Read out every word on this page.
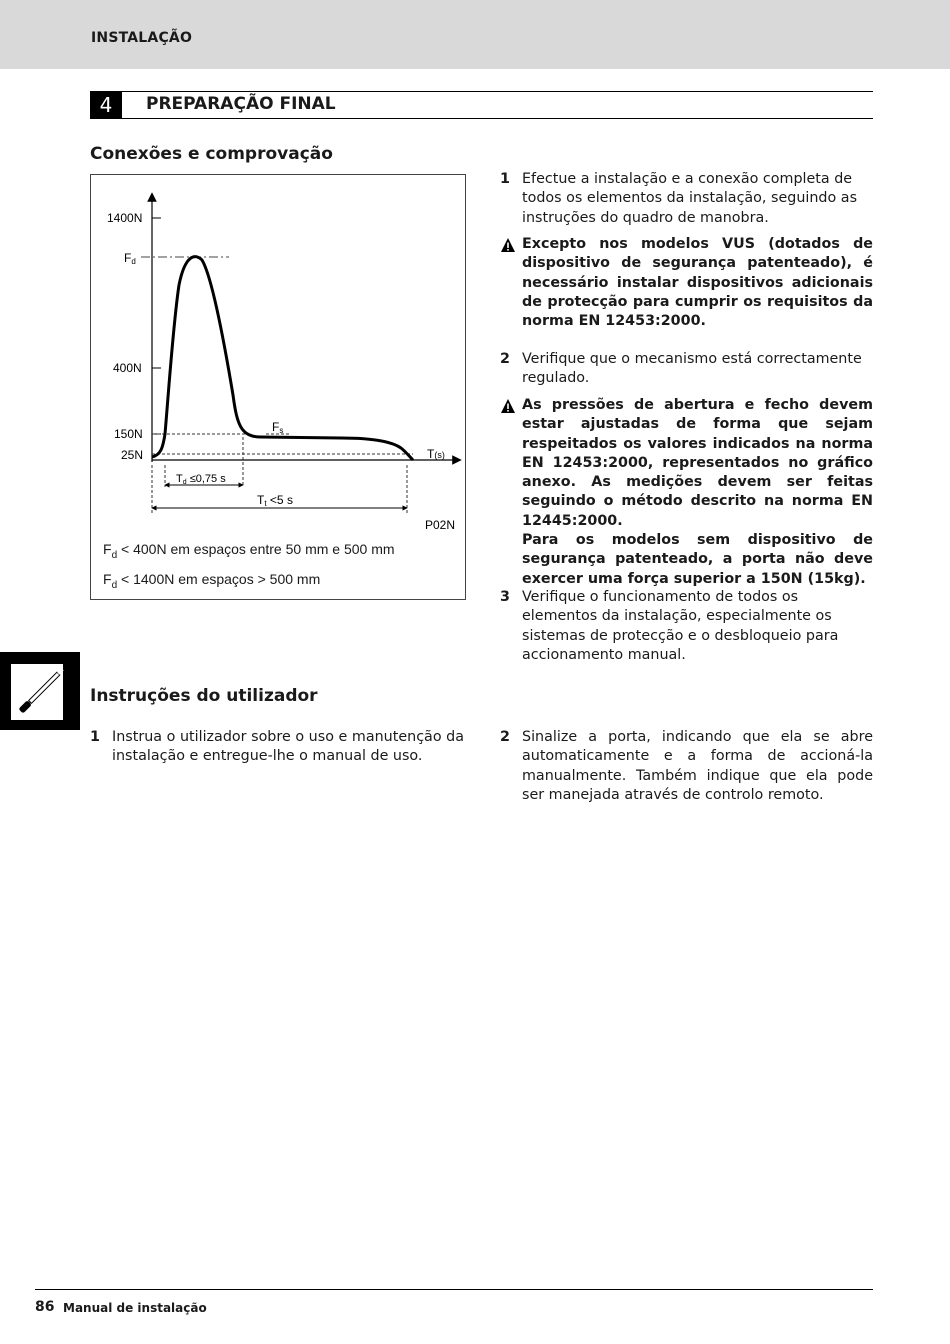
INSTALAÇÃO
4	PREPARAÇÃO FINAL
Conexões e comprovação
1400N
Fd
400N
150N
25N
Td ≤0,75 s
Tt <5 s
Fs
T(s)
P02N
$F_d < 400N$ em espaços entre 50 mm e 500 mm
$F_d < 1400N$ em espaços > 500 mm
1 Efectue a instalação e a conexão completa de todos os elementos da instalação, seguindo as instruções do quadro de manobra.
Excepto nos modelos VUS (dotados de dispositivo de segurança patenteado), é necessário instalar dispositivos adicionais de protecção para cumprir os requisitos da norma EN 12453:2000.
2 Verifique que o mecanismo está correctamente regulado.
As pressões de abertura e fecho devem estar ajustadas de forma que sejam respeitados os valores indicados na norma EN 12453:2000, representados no gráfico anexo. As medições devem ser feitas seguindo o método descrito na norma EN 12445:2000.
Para os modelos sem dispositivo de segurança patenteado, a porta não deve exercer uma força superior a 150N (15kg).
3 Verifique o funcionamento de todos os elementos da instalação, especialmente os sistemas de protecção e o desbloqueio para accionamento manual.
Instruções do utilizador
1 Instrua o utilizador sobre o uso e manutenção da instalação e entregue-lhe o manual de uso.
2 Sinalize a porta, indicando que ela se abre automaticamente e a forma de accioná-la manualmente. Também indique que ela pode ser manejada através de controlo remoto.
86 Manual de instalação
